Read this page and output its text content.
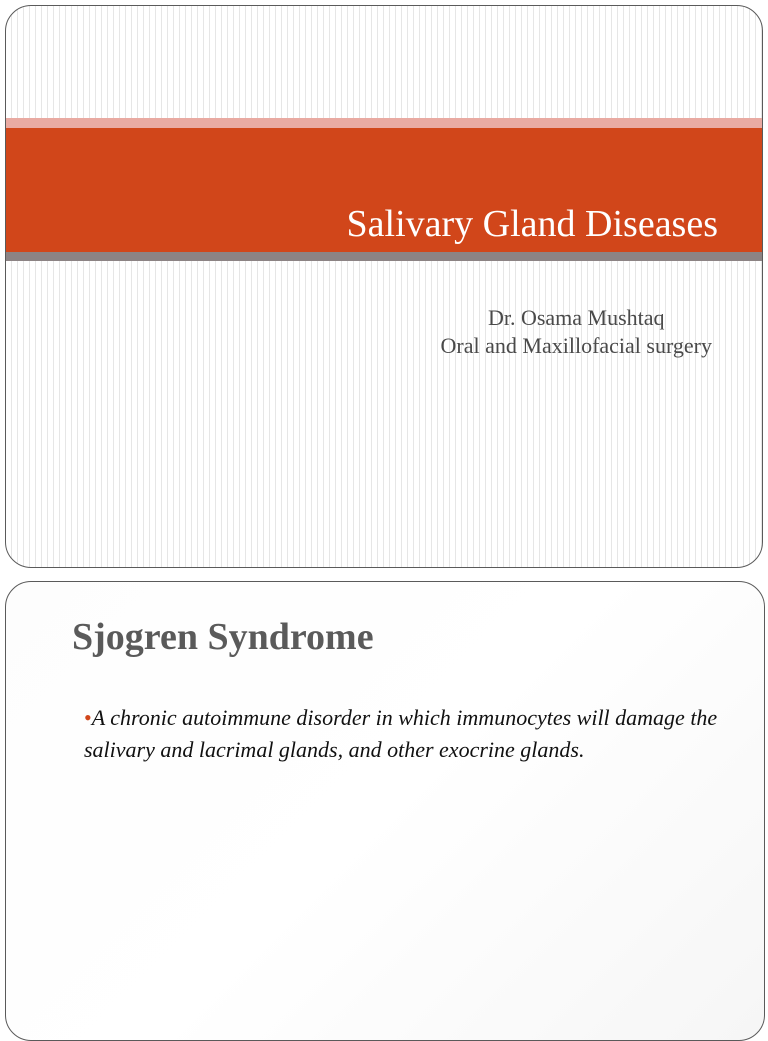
Salivary Gland Diseases
Dr. Osama Mushtaq
Oral and Maxillofacial surgery
Sjogren Syndrome
•A chronic autoimmune disorder in which immunocytes will damage the salivary and lacrimal glands, and other exocrine glands.
